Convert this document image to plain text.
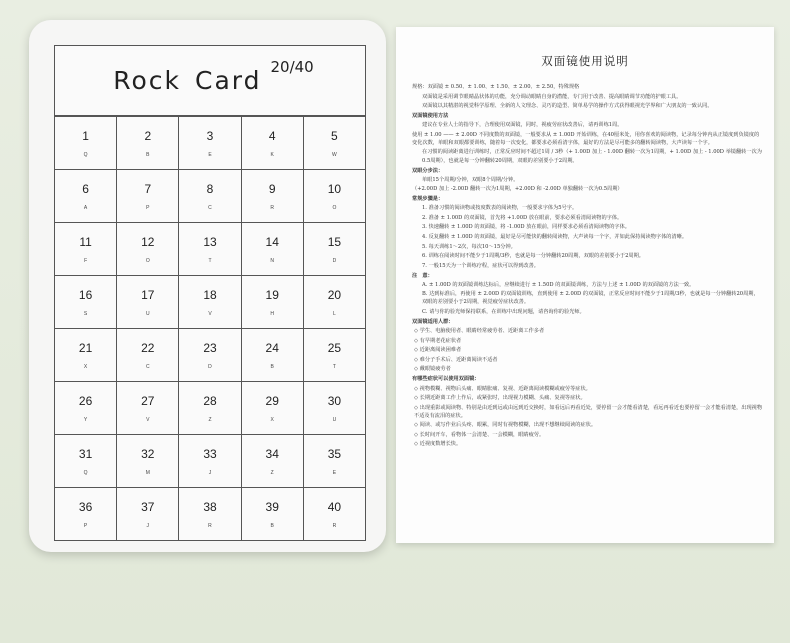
Rock Card 20/40
1
Q
2
B
3
E
4
K
5
W
6
A
7
P
8
C
9
R
10
O
11
F
12
O
13
T
14
N
15
D
16
S
17
U
18
V
19
H
20
L
21
X
22
C
23
D
24
B
25
T
26
Y
27
V
28
Z
29
X
30
U
31
Q
32
M
33
J
34
Z
35
E
36
P
37
J
38
R
39
B
40
R
双面镜使用说明

规格：双面镜 ± 0.50、± 1.00、± 1.50、± 2.00、± 2.50，特殊规格

双面镜是采用调节眼睛晶状体的功能，充分调动眼睛自身的潜能，专门用于改善、提高眼睛调节功能的护眼工具。

双面镜以其精湛的视觉科学原理、全新的人文理念、灵巧的造型、简单易学的操作方式获得眼视光学界和广大朋友的一致认同。

双面镜使用方法

建议在专业人士的指导下，合理使用双面镜，同时，视疲劳症状改善后，请再训练1周。

使用 ± 1.00 —— ± 2.00D 不同度数的双面镜，一般要求从 ± 1.00D 开始训练，在40厘米处，用你喜欢的阅读物，记录每分钟内从正镜度到负镜度的变化次数，单眼和双眼都要训练，随着每一次变化，都要求必须看清字体，最好的方法是尽可能多的翻转阅读物，大声读每一个字。

在习惯的阅读距离进行训练时，正常反应时间不超过1周 / 3秒（+ 1.00D 加上 - 1.00D 翻转一次为1周期，+ 1.00D 加上 - 1.00D 举镜翻转一次为0.5周期），也就是每一分钟翻转20周期，双眼的差别要小于2周期。

双眼分步法：

单眼15个周期/分钟，双眼8个周期/分钟。

（+2.00D 加上 -2.00D 翻转一次为1周期，+2.00D 和 -2.00D 单独翻转一次为0.5周期）

常规步骤是：

1. 准备习惯的阅读物或按度数表的阅读物，一般要求字体为5号字。

2. 准备 ± 1.00D 的双面镜，首先将 +1.00D 放在眼前，要求必须看清阅读物的字体。

3. 快速翻转 ± 1.00D 的双面镜，将 -1.00D 放在眼前，同样要求必须看清阅读物的字体。

4. 反复翻转 ± 1.00D 的双面镜，最好是尽可能快的翻转阅读物，大声读每一个字，并如此保持阅读物字体的清晰。

5. 每天训练1～2次，每次10～15分钟。

6. 训练在阅读时间不能少于1周期/3秒，也就是每一分钟翻转20周期，双眼的差别要小于2周期。

7. 一般15天为一个训练疗程，症状可以得到改善。

注　意：

A. ± 1.00D 的双面镜训练达标后，应继续进行 ± 1.50D 的双面镜训练，方法与上述 ± 1.00D 的双面镜的方法一致。

B. 达到标准后，再使用 ± 2.00D 的双面镜训练，直到使用 ± 2.00D 的双面镜，正常反应时间不能少于1周期/3秒，也就是每一分钟翻转20周期，双眼的差别要小于2周期，视觉疲劳症状改善。

C. 请与你的验光师保持联系，在训练中出现问题，请咨询你的验光师。

双面镜适用人群：

◇ 学生、电脑使用者、眼睛经常疲劳者、近距离工作多者

◇ 有早期老花症状者

◇ 近距离阅读困难者

◇ 难分子手术后、近距离阅读不适者

◇ 戴眼镜疲劳者

有哪些症状可以使用双面镜：

◇ 视物模糊、视物后头痛、眼睛胀痛、复视、近距离阅读模糊或疲劳等症状。

◇ 长期近距离工作上作后，或紧张时，出现视力模糊、头痛、复视等症状。

◇ 出现重影或阅读物、特别是由近到远或由远到近交换时，如看远后再看近处，要停留一会才能看清楚，看远再看近也要停留一会才能看清楚，出现视物不适及有流泪的症状。

◇ 阅读、或写作业后头疼、眼累，同时有视物模糊，出现不想继续阅读的症状。

◇ 长时间开车，看物体一会清楚、一会模糊，眼睛疲劳。

◇ 近视度数增长快。
